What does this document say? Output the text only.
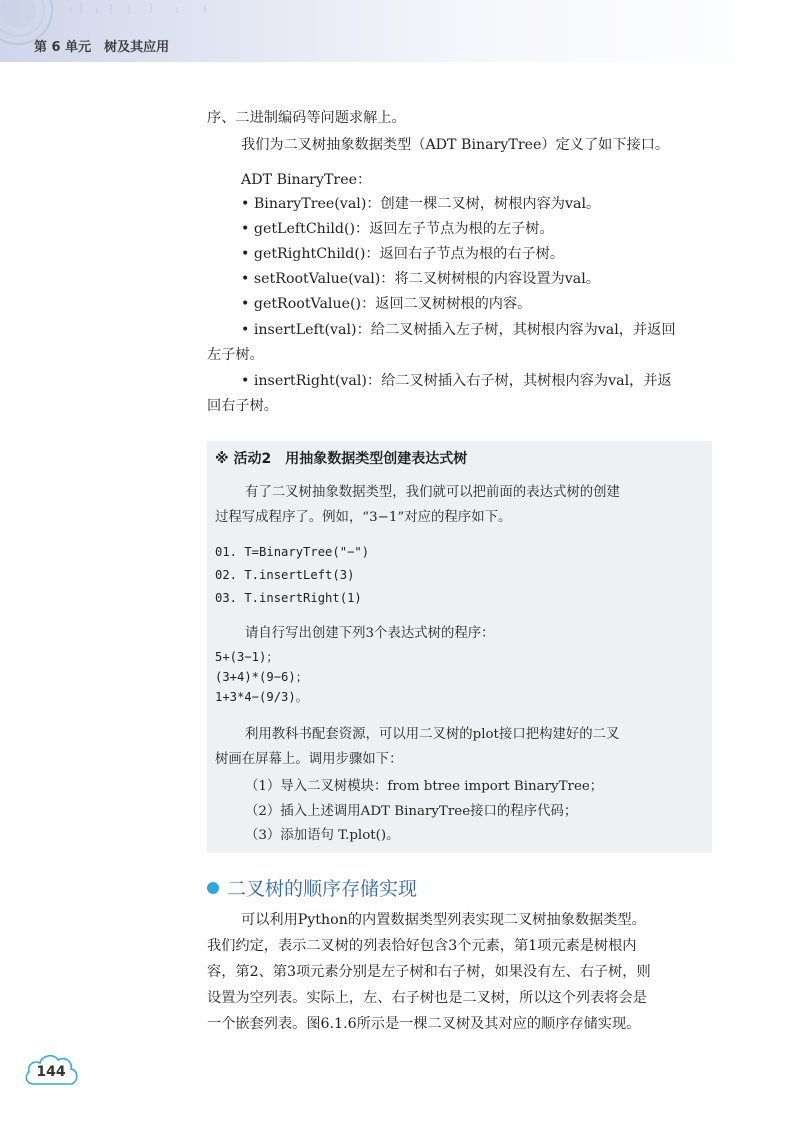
第 6 单元　树及其应用
序、二进制编码等问题求解上。
我们为二叉树抽象数据类型（ADT BinaryTree）定义了如下接口。
ADT BinaryTree：
• BinaryTree(val)：创建一棵二叉树，树根内容为val。
• getLeftChild()：返回左子节点为根的左子树。
• getRightChild()：返回右子节点为根的右子树。
• setRootValue(val)：将二叉树树根的内容设置为val。
• getRootValue()：返回二叉树树根的内容。
• insertLeft(val)：给二叉树插入左子树，其树根内容为val，并返回
左子树。
• insertRight(val)：给二叉树插入右子树，其树根内容为val，并返
回右子树。
※ 活动2　用抽象数据类型创建表达式树
有了二叉树抽象数据类型，我们就可以把前面的表达式树的创建
过程写成程序了。例如，“3−1”对应的程序如下。
01. T=BinaryTree("−")
02. T.insertLeft(3)
03. T.insertRight(1)
请自行写出创建下列3个表达式树的程序：
5+(3−1)；
(3+4)*(9−6)；
1+3*4−(9/3)。
利用教科书配套资源，可以用二叉树的plot接口把构建好的二叉
树画在屏幕上。调用步骤如下：
（1）导入二叉树模块：from btree import BinaryTree；
（2）插入上述调用ADT BinaryTree接口的程序代码；
（3）添加语句 T.plot()。
二叉树的顺序存储实现
可以利用Python的内置数据类型列表实现二叉树抽象数据类型。
我们约定，表示二叉树的列表恰好包含3个元素，第1项元素是树根内
容，第2、第3项元素分别是左子树和右子树，如果没有左、右子树，则
设置为空列表。实际上，左、右子树也是二叉树，所以这个列表将会是
一个嵌套列表。图6.1.6所示是一棵二叉树及其对应的顺序存储实现。
144
